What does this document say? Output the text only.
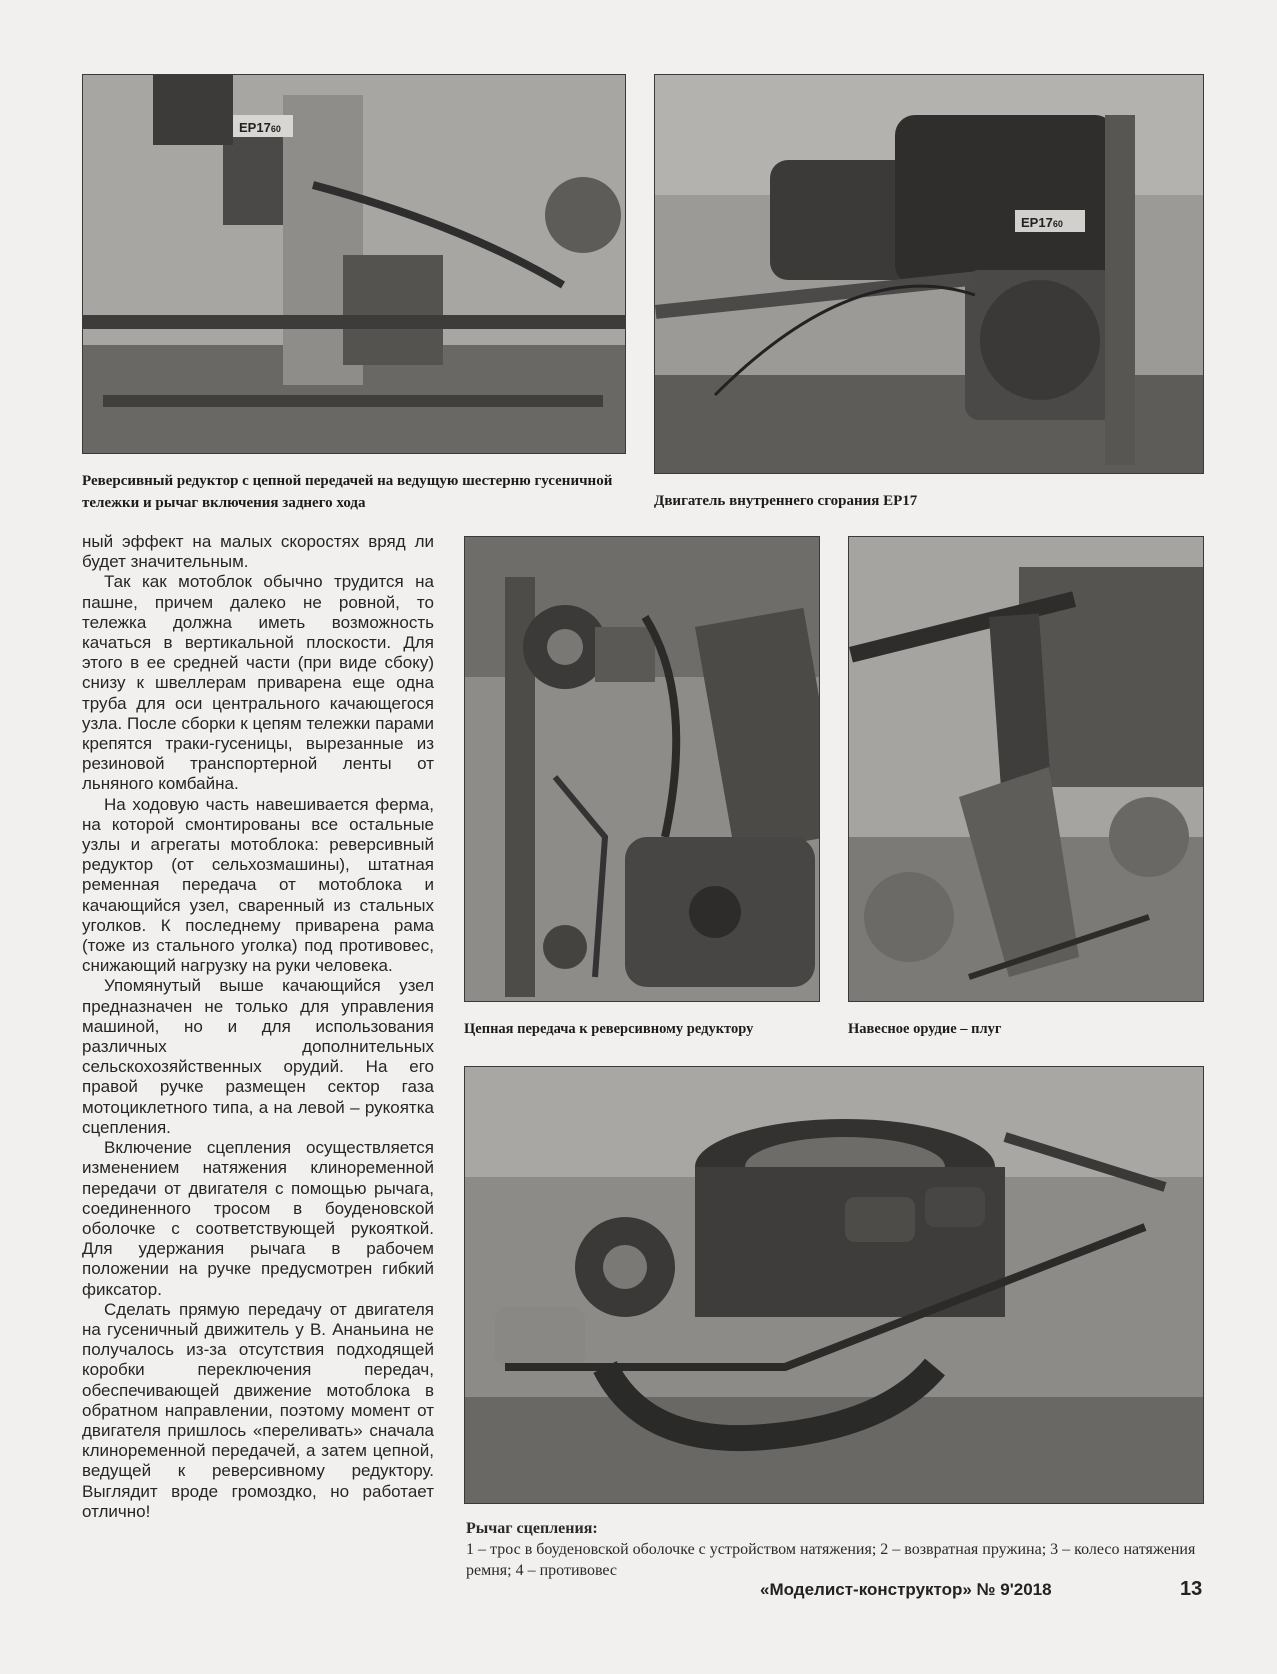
EP1760
Реверсивный редуктор с цепной передачей на ведущую шестерню гусеничной тележки и рычаг включения заднего хода
EP1760
Двигатель внутреннего сгорания ЕР17
Цепная передача к реверсивному редуктору	Навесное орудие – плуг
Рычаг сцепления:
1 – трос в боуденовской оболочке с устройством натяжения; 2 – возвратная пружина; 3 – колесо натяжения ремня; 4 – противовес

ный эффект на малых скоростях вряд ли будет значительным.

Так как мотоблок обычно трудится на пашне, причем далеко не ровной, то тележка должна иметь возможность качаться в вертикальной плоскости. Для этого в ее средней части (при виде сбоку) снизу к швеллерам приварена еще одна труба для оси центрального качающегося узла. После сборки к цепям тележки парами крепятся траки-гусеницы, вырезанные из резиновой транспортерной ленты от льняного комбайна.

На ходовую часть навешивается ферма, на которой смонтированы все остальные узлы и агрегаты мотоблока: реверсивный редуктор (от сельхозмашины), штатная ременная передача от мотоблока и качающийся узел, сваренный из стальных уголков. К последнему приварена рама (тоже из стального уголка) под противовес, снижающий нагрузку на руки человека.

Упомянутый выше качающийся узел предназначен не только для управления машиной, но и для использования различных дополнительных сельскохозяйственных орудий. На его правой ручке размещен сектор газа мотоциклетного типа, а на левой – рукоятка сцепления.

Включение сцепления осуществляется изменением натяжения клиноременной передачи от двигателя с помощью рычага, соединенного тросом в боуденовской оболочке с соответствующей рукояткой. Для удержания рычага в рабочем положении на ручке предусмотрен гибкий фиксатор.

Сделать прямую передачу от двигателя на гусеничный движитель у В. Ананьина не получалось из-за отсутствия подходящей коробки переключения передач, обеспечивающей движение мотоблока в обратном направлении, поэтому момент от двигателя пришлось «переливать» сначала клиноременной передачей, а затем цепной, ведущей к реверсивному редуктору. Выглядит вроде громоздко, но работает отлично!

«Моделист-конструктор» № 9'2018	13
